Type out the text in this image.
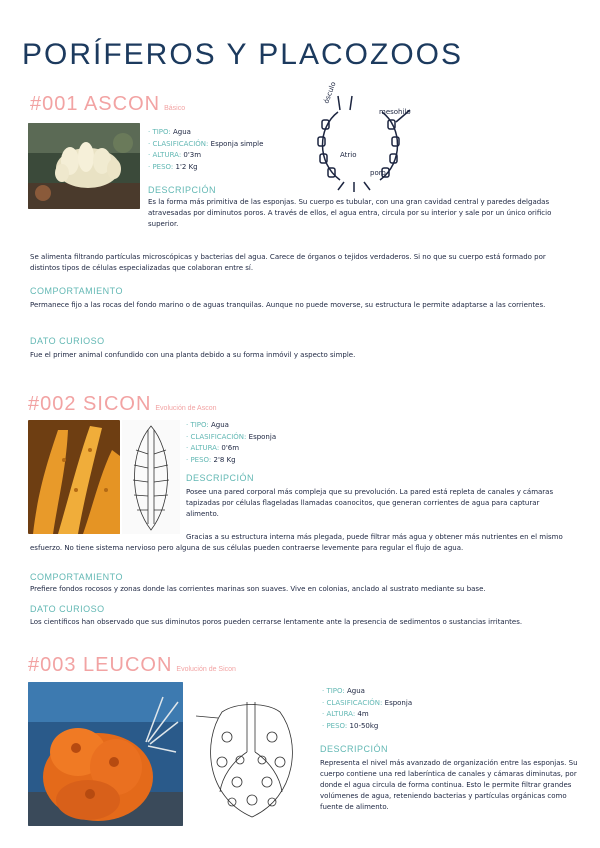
PORÍFEROS Y PLACOZOOS
#001 ASCON Básico
· TIPO: Agua
· CLASIFICACIÓN: Esponja simple
· ALTURA: 0'3m
· PESO: 1'2 Kg
ósculo
mesohilo
Atrio
poro
DESCRIPCIÓN
Es la forma más primitiva de las esponjas. Su cuerpo es tubular, con una gran cavidad central y paredes delgadas atravesadas por diminutos poros. A través de ellos, el agua entra, circula por su interior y sale por un único orificio superior.
Se alimenta filtrando partículas microscópicas y bacterias del agua. Carece de órganos o tejidos verdaderos. Si no que su cuerpo está formado por distintos tipos de células especializadas que colaboran entre sí.
COMPORTAMIENTO
Permanece fijo a las rocas del fondo marino o de aguas tranquilas. Aunque no puede moverse, su estructura le permite adaptarse a las corrientes.
DATO CURIOSO
Fue el primer animal confundido con una planta debido a su forma inmóvil y aspecto simple.
#002 SICON Evolución de Ascon
· TIPO: Agua
· CLASIFICACIÓN: Esponja
· ALTURA: 0'6m
· PESO: 2'8 Kg
DESCRIPCIÓN
Posee una pared corporal más compleja que su prevolución. La pared está repleta de canales y cámaras tapizadas por células flageladas llamadas coanocitos, que generan corrientes de agua para capturar alimento.
Gracias a su estructura interna más plegada, puede filtrar más agua y obtener más nutrientes en el mismo esfuerzo. No tiene sistema nervioso pero alguna de sus células pueden contraerse levemente para regular el flujo de agua.
COMPORTAMIENTO
Prefiere fondos rocosos y zonas donde las corrientes marinas son suaves. Vive en colonias, anclado al sustrato mediante su base.
DATO CURIOSO
Los científicos han observado que sus diminutos poros pueden cerrarse lentamente ante la presencia de sedimentos o sustancias irritantes.
#003 LEUCON Evolución de Sicon
· TIPO: Agua
· CLASIFICACIÓN: Esponja
· ALTURA: 4m
· PESO: 10-50kg
DESCRIPCIÓN
Representa el nivel más avanzado de organización entre las esponjas. Su cuerpo contiene una red laberíntica de canales y cámaras diminutas, por donde el agua circula de forma continua. Esto le permite filtrar grandes volúmenes de agua, reteniendo bacterias y partículas orgánicas como fuente de alimento.
